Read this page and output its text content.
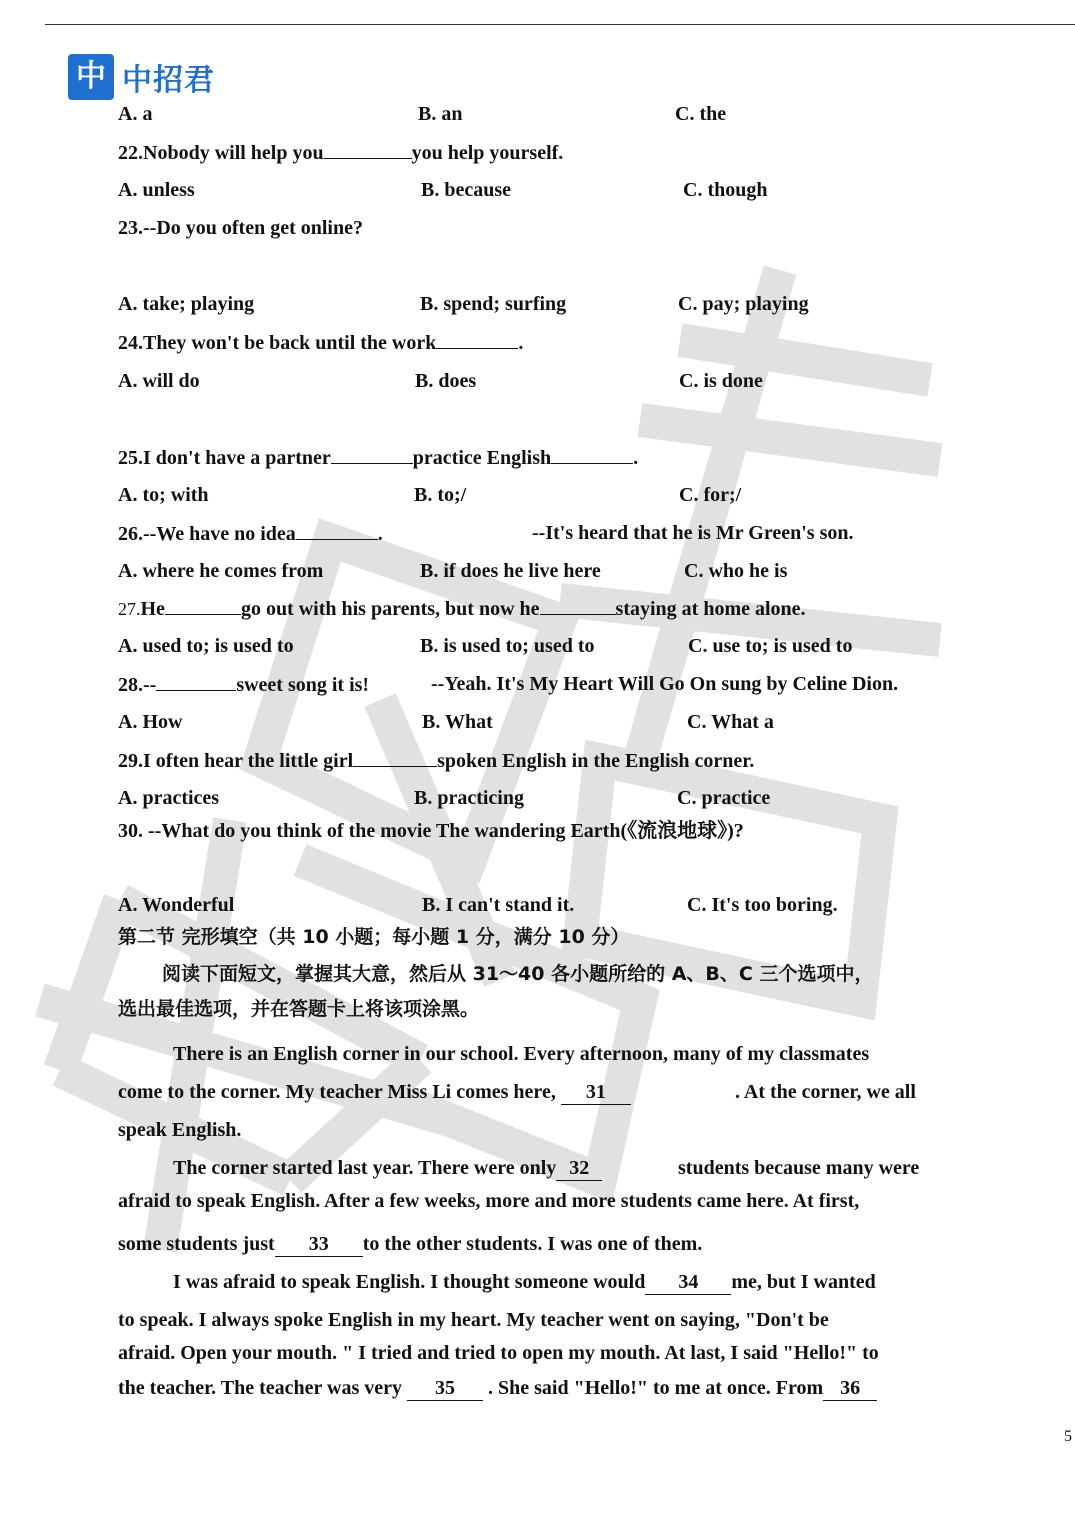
中 中招君
A. a	B. an	C. the
22.Nobody will help you	you help yourself.
A. unless	B. because	C. though
23.--Do you often get online?
A. take; playing	B. spend; surfing	C. pay; playing
24.They won't be back until the work	.
A. will do	B. does	C. is done
25.I don't have a partner	practice English	.
A. to; with	B. to;/	C. for;/
26.--We have no idea	.	--It's heard that he is Mr Green's son.
A. where he comes from	B. if does he live here	C. who he is
27.He	go out with his parents, but now he	staying at home alone.
A. used to; is used to	B. is used to; used to	C. use to; is used to
28.--	sweet song it is!	--Yeah. It's My Heart Will Go On sung by Celine Dion.
A. How	B. What	C. What a
29.I often hear the little girl	spoken English in the English corner.
A. practices	B. practicing	C. practice
30. --What do you think of the movie The wandering Earth(《流浪地球》)?
A. Wonderful	B. I can't stand it.	C. It's too boring.
第二节 完形填空（共 10 小题；每小题 1 分，满分 10 分）
阅读下面短文，掌握其大意，然后从 31～40 各小题所给的 A、B、C 三个选项中，
选出最佳选项，并在答题卡上将该项涂黑。
There is an English corner in our school. Every afternoon, many of my classmates
come to the corner. My teacher Miss Li comes here, 31	. At the corner, we all
speak English.
The corner started last year. There were only 32	students because many were
afraid to speak English. After a few weeks, more and more students came here. At first,
some students just 33 to the other students. I was one of them.
I was afraid to speak English. I thought someone would 34 me, but I wanted
to speak. I always spoke English in my heart. My teacher went on saying, "Don't be
afraid. Open your mouth. " I tried and tried to open my mouth. At last, I said "Hello!" to
the teacher. The teacher was very 35 . She said "Hello!" to me at once. From 36
5
